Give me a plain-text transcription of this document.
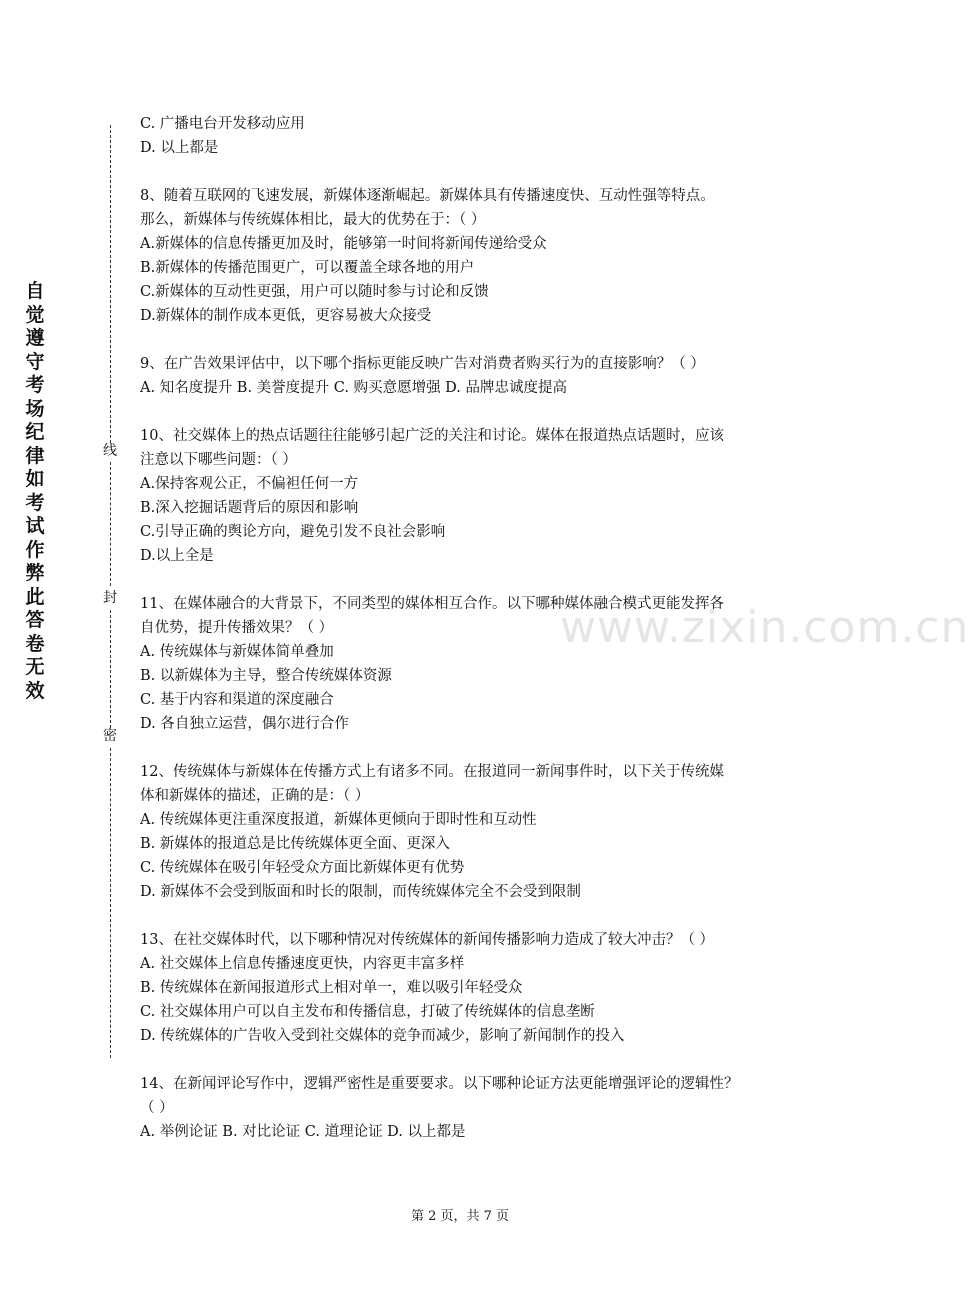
自觉遵守考场纪律如考试作弊此答卷无效
线
封
密
www.zixin.com.cn
C. 广播电台开发移动应用
D. 以上都是
8、随着互联网的飞速发展，新媒体逐渐崛起。新媒体具有传播速度快、互动性强等特点。
那么，新媒体与传统媒体相比，最大的优势在于：（ ）
A.新媒体的信息传播更加及时，能够第一时间将新闻传递给受众
B.新媒体的传播范围更广，可以覆盖全球各地的用户
C.新媒体的互动性更强，用户可以随时参与讨论和反馈
D.新媒体的制作成本更低，更容易被大众接受
9、在广告效果评估中，以下哪个指标更能反映广告对消费者购买行为的直接影响？（ ）
A. 知名度提升 B. 美誉度提升 C. 购买意愿增强 D. 品牌忠诚度提高
10、社交媒体上的热点话题往往能够引起广泛的关注和讨论。媒体在报道热点话题时，应该
注意以下哪些问题：（ ）
A.保持客观公正，不偏袒任何一方
B.深入挖掘话题背后的原因和影响
C.引导正确的舆论方向，避免引发不良社会影响
D.以上全是
11、在媒体融合的大背景下，不同类型的媒体相互合作。以下哪种媒体融合模式更能发挥各
自优势，提升传播效果？（ ）
A. 传统媒体与新媒体简单叠加
B. 以新媒体为主导，整合传统媒体资源
C. 基于内容和渠道的深度融合
D. 各自独立运营，偶尔进行合作
12、传统媒体与新媒体在传播方式上有诸多不同。在报道同一新闻事件时，以下关于传统媒
体和新媒体的描述，正确的是：（ ）
A. 传统媒体更注重深度报道，新媒体更倾向于即时性和互动性
B. 新媒体的报道总是比传统媒体更全面、更深入
C. 传统媒体在吸引年轻受众方面比新媒体更有优势
D. 新媒体不会受到版面和时长的限制，而传统媒体完全不会受到限制
13、在社交媒体时代，以下哪种情况对传统媒体的新闻传播影响力造成了较大冲击？（ ）
A. 社交媒体上信息传播速度更快，内容更丰富多样
B. 传统媒体在新闻报道形式上相对单一，难以吸引年轻受众
C. 社交媒体用户可以自主发布和传播信息，打破了传统媒体的信息垄断
D. 传统媒体的广告收入受到社交媒体的竞争而减少，影响了新闻制作的投入
14、在新闻评论写作中，逻辑严密性是重要要求。以下哪种论证方法更能增强评论的逻辑性？
（ ）
A. 举例论证 B. 对比论证 C. 道理论证 D. 以上都是
第 2 页，共 7 页
